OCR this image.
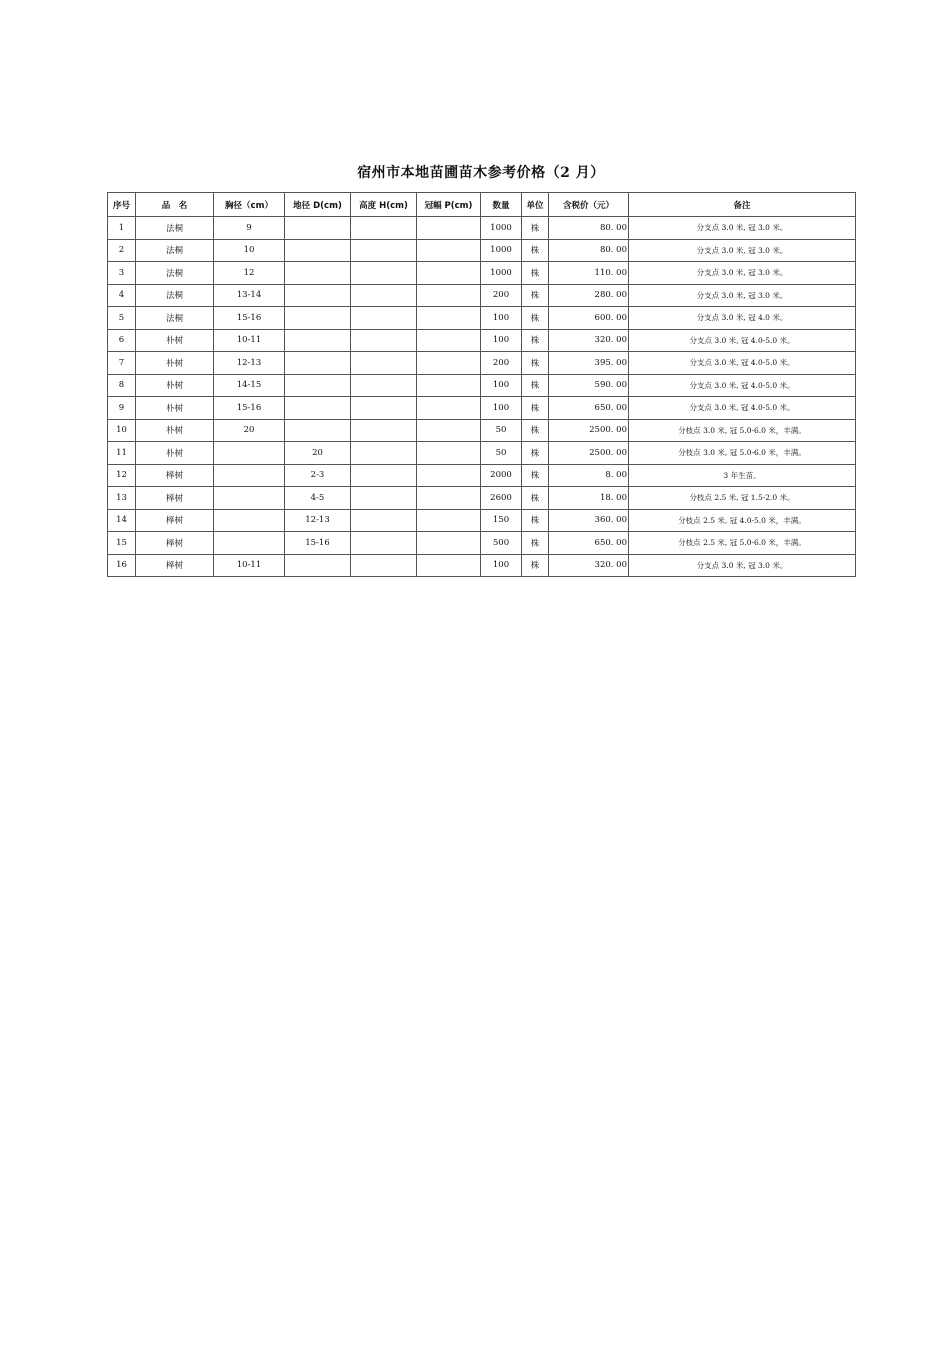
宿州市本地苗圃苗木参考价格（2 月）
序号	品　名	胸径（cm）	地径 D(cm)	高度 H(cm)	冠幅 P(cm)	数量	单位	含税价（元）	备注
1	法桐	9				1000	株	80. 00	分支点 3.0 米, 冠 3.0 米。
2	法桐	10				1000	株	80. 00	分支点 3.0 米, 冠 3.0 米。
3	法桐	12				1000	株	110. 00	分支点 3.0 米, 冠 3.0 米。
4	法桐	13-14				200	株	280. 00	分支点 3.0 米, 冠 3.0 米。
5	法桐	15-16				100	株	600. 00	分支点 3.0 米, 冠 4.0 米。
6	朴树	10-11				100	株	320. 00	分支点 3.0 米, 冠 4.0-5.0 米。
7	朴树	12-13				200	株	395. 00	分支点 3.0 米, 冠 4.0-5.0 米。
8	朴树	14-15				100	株	590. 00	分支点 3.0 米, 冠 4.0-5.0 米。
9	朴树	15-16				100	株	650. 00	分支点 3.0 米, 冠 4.0-5.0 米。
10	朴树	20				50	株	2500. 00	分枝点 3.0 米, 冠 5.0-6.0 米，丰满。
11	朴树		20			50	株	2500. 00	分枝点 3.0 米, 冠 5.0-6.0 米，丰满。
12	榉树		2-3			2000	株	8. 00	3 年生苗。
13	榉树		4-5			2600	株	18. 00	分枝点 2.5 米, 冠 1.5-2.0 米。
14	榉树		12-13			150	株	360. 00	分枝点 2.5 米, 冠 4.0-5.0 米，丰满。
15	榉树		15-16			500	株	650. 00	分枝点 2.5 米, 冠 5.0-6.0 米，丰满。
16	榉树	10-11				100	株	320. 00	分支点 3.0 米, 冠 3.0 米。
